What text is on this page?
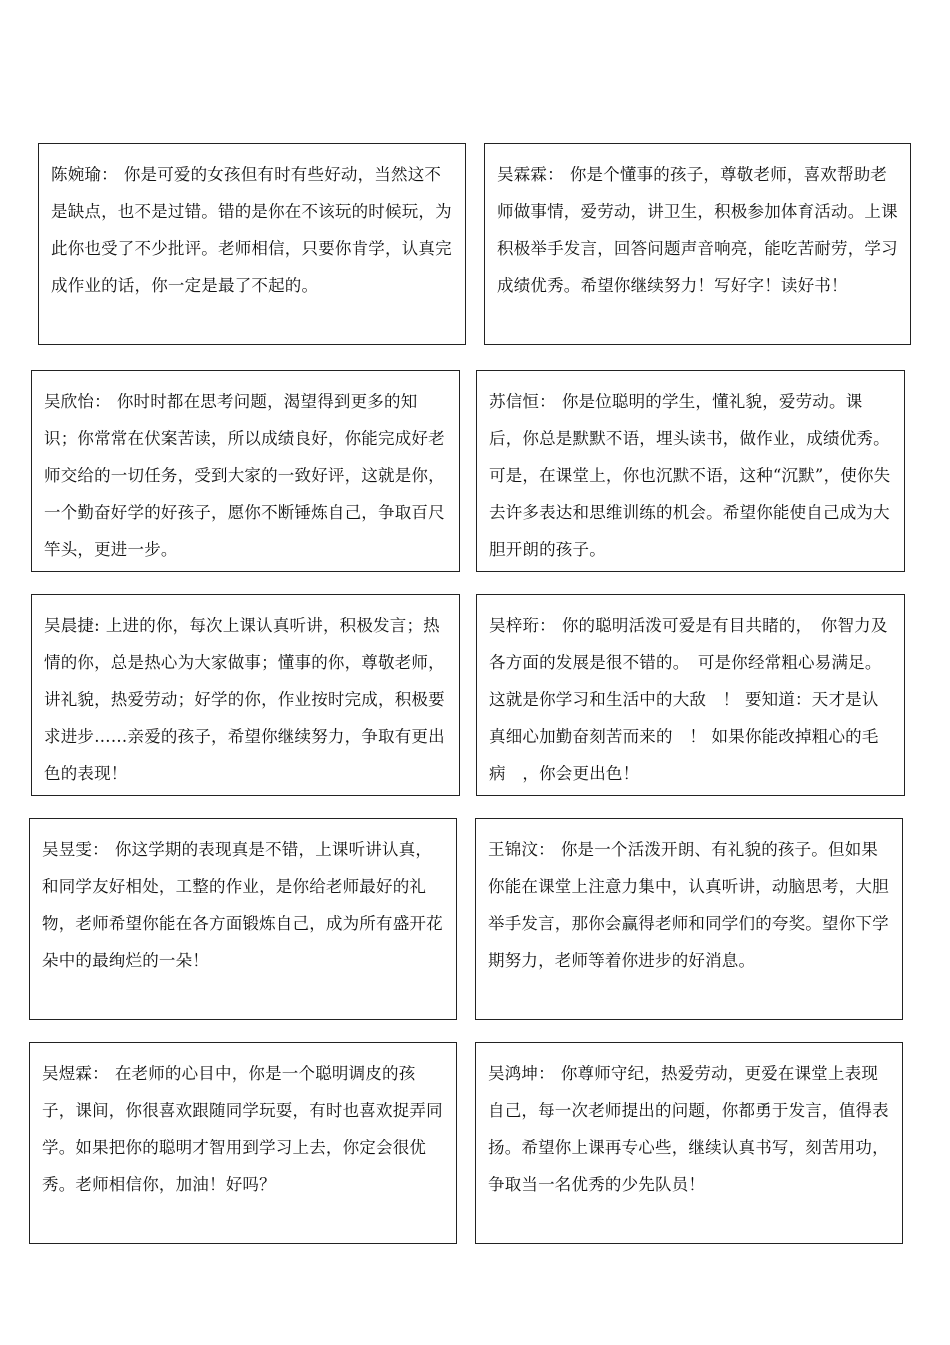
陈婉瑜： 你是可爱的女孩但有时有些好动，当然这不是缺点，也不是过错。错的是你在不该玩的时候玩，为此你也受了不少批评。老师相信，只要你肯学，认真完成作业的话，你一定是最了不起的。

吴霖霖： 你是个懂事的孩子，尊敬老师，喜欢帮助老师做事情，爱劳动，讲卫生，积极参加体育活动。上课积极举手发言，回答问题声音响亮，能吃苦耐劳，学习成绩优秀。希望你继续努力！写好字！读好书！

吴欣怡： 你时时都在思考问题，渴望得到更多的知识；你常常在伏案苦读，所以成绩良好，你能完成好老师交给的一切任务，受到大家的一致好评，这就是你，一个勤奋好学的好孩子，愿你不断锤炼自己，争取百尺竿头，更进一步。

苏信恒： 你是位聪明的学生，懂礼貌，爱劳动。课后，你总是默默不语，埋头读书，做作业，成绩优秀。可是，在课堂上，你也沉默不语，这种“沉默”，使你失去许多表达和思维训练的机会。希望你能使自己成为大胆开朗的孩子。

吴晨捷: 上进的你，每次上课认真听讲，积极发言；热情的你，总是热心为大家做事；懂事的你，尊敬老师，讲礼貌，热爱劳动；好学的你，作业按时完成，积极要求进步……亲爱的孩子，希望你继续努力，争取有更出色的表现！

吴梓珩： 你的聪明活泼可爱是有目共睹的，　你智力及各方面的发展是很不错的。　可是你经常粗心易满足。这就是你学习和生活中的大敌　！ 要知道：天才是认真细心加勤奋刻苦而来的　！ 如果你能改掉粗心的毛病　，你会更出色！

吴昱雯： 你这学期的表现真是不错，上课听讲认真，和同学友好相处，工整的作业，是你给老师最好的礼物，老师希望你能在各方面锻炼自己，成为所有盛开花朵中的最绚烂的一朵！

王锦汶： 你是一个活泼开朗、有礼貌的孩子。但如果你能在课堂上注意力集中，认真听讲，动脑思考，大胆举手发言，那你会赢得老师和同学们的夸奖。望你下学期努力，老师等着你进步的好消息。

吴煜霖： 在老师的心目中，你是一个聪明调皮的孩子，课间，你很喜欢跟随同学玩耍，有时也喜欢捉弄同学。如果把你的聪明才智用到学习上去，你定会很优秀。老师相信你，加油！好吗？

吴鸿坤： 你尊师守纪，热爱劳动，更爱在课堂上表现自己，每一次老师提出的问题，你都勇于发言，值得表扬。希望你上课再专心些，继续认真书写，刻苦用功，争取当一名优秀的少先队员！
